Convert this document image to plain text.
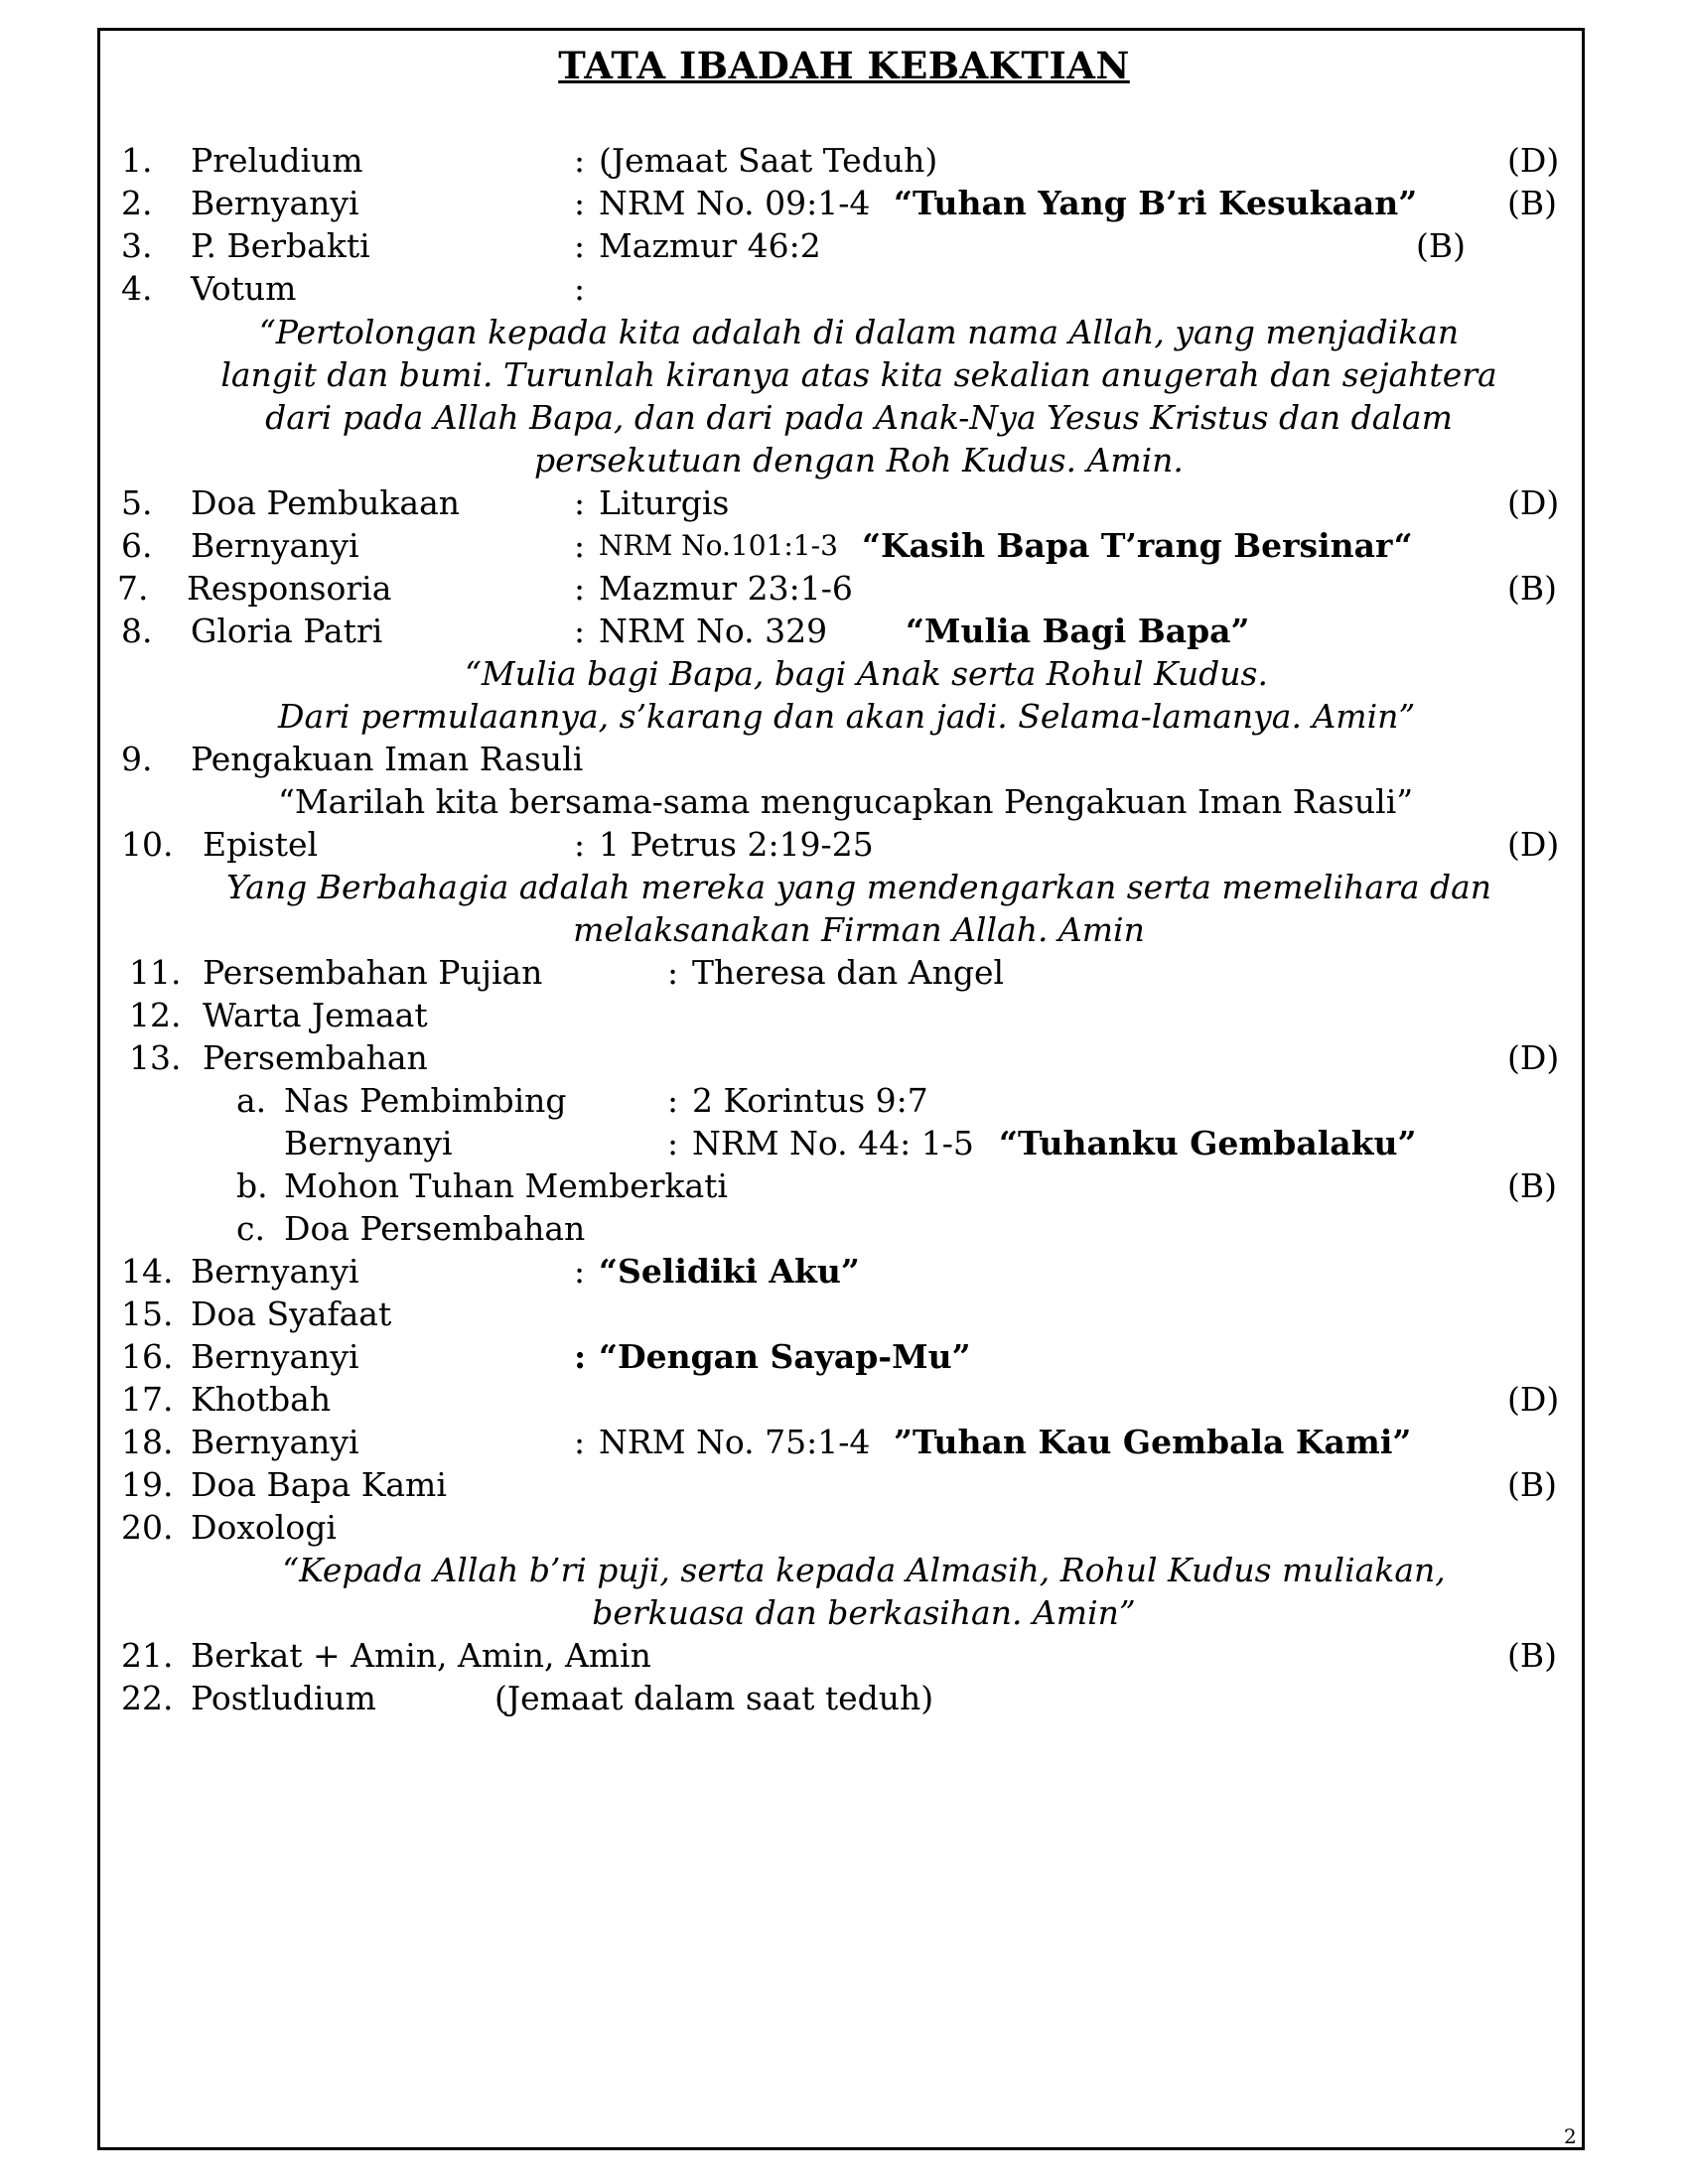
TATA IBADAH KEBAKTIAN
1. Preludium	: (Jemaat Saat Teduh)	(D)
2. Bernyanyi	: NRM No. 09:1-4 “Tuhan Yang B’ri Kesukaan”	(B)
3. P. Berbakti	: Mazmur 46:2	(B)
4. Votum	:
“Pertolongan kepada kita adalah di dalam nama Allah, yang menjadikan
langit dan bumi. Turunlah kiranya atas kita sekalian anugerah dan sejahtera
dari pada Allah Bapa, dan dari pada Anak-Nya Yesus Kristus dan dalam
persekutuan dengan Roh Kudus. Amin.
5. Doa Pembukaan	: Liturgis	(D)
6. Bernyanyi	: NRM No.101:1-3 “Kasih Bapa T’rang Bersinar“
7. Responsoria	: Mazmur 23:1-6	(B)
8. Gloria Patri	: NRM No. 329 “Mulia Bagi Bapa”
“Mulia bagi Bapa, bagi Anak serta Rohul Kudus.
Dari permulaannya, s’karang dan akan jadi. Selama-lamanya. Amin”
9. Pengakuan Iman Rasuli
“Marilah kita bersama-sama mengucapkan Pengakuan Iman Rasuli”
10. Epistel	: 1 Petrus 2:19-25	(D)
Yang Berbahagia adalah mereka yang mendengarkan serta memelihara dan
melaksanakan Firman Allah. Amin
11. Persembahan Pujian	: Theresa dan Angel
12. Warta Jemaat
13. Persembahan	(D)
a. Nas Pembimbing	: 2 Korintus 9:7
Bernyanyi	: NRM No. 44: 1-5 “Tuhanku Gembalaku”
b. Mohon Tuhan Memberkati	(B)
c. Doa Persembahan
14. Bernyanyi	: “Selidiki Aku”
15. Doa Syafaat
16. Bernyanyi	: “Dengan Sayap-Mu”
17. Khotbah	(D)
18. Bernyanyi	: NRM No. 75:1-4 ”Tuhan Kau Gembala Kami”
19. Doa Bapa Kami	(B)
20. Doxologi
“Kepada Allah b’ri puji, serta kepada Almasih, Rohul Kudus muliakan,
berkuasa dan berkasihan. Amin”
21. Berkat + Amin, Amin, Amin	(B)
22. Postludium	(Jemaat dalam saat teduh)
2
